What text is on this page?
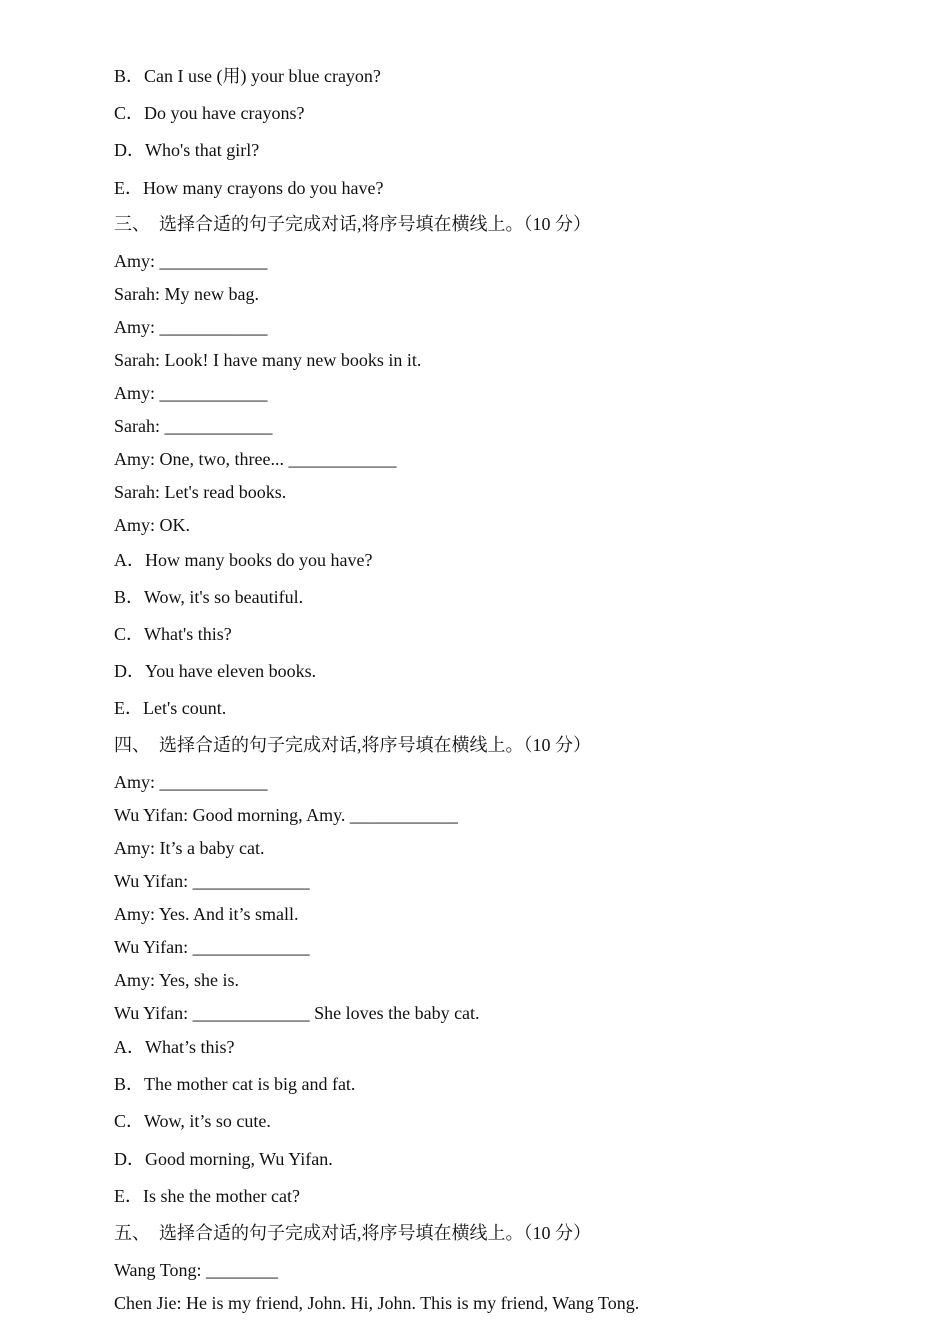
B．Can I use (用) your blue crayon?
C．Do you have crayons?
D．Who's that girl?
E．How many crayons do you have?
三、  选择合适的句子完成对话,将序号填在横线上。（10 分）
Amy: ____________
Sarah: My new bag.
Amy: ____________
Sarah: Look! I have many new books in it.
Amy: ____________
Sarah: ____________
Amy: One, two, three... ____________
Sarah: Let's read books.
Amy: OK.
A．How many books do you have?
B．Wow, it's so beautiful.
C．What's this?
D．You have eleven books.
E．Let's count.
四、  选择合适的句子完成对话,将序号填在横线上。（10 分）
Amy: ____________
Wu Yifan: Good morning, Amy. ____________
Amy: It’s a baby cat.
Wu Yifan: _____________
Amy: Yes. And it’s small.
Wu Yifan: _____________
Amy: Yes, she is.
Wu Yifan: _____________ She loves the baby cat.
A．What’s this?
B．The mother cat is big and fat.
C．Wow, it’s so cute.
D．Good morning, Wu Yifan.
E．Is she the mother cat?
五、  选择合适的句子完成对话,将序号填在横线上。（10 分）
Wang Tong: ________
Chen Jie: He is my friend, John. Hi, John. This is my friend, Wang Tong.
